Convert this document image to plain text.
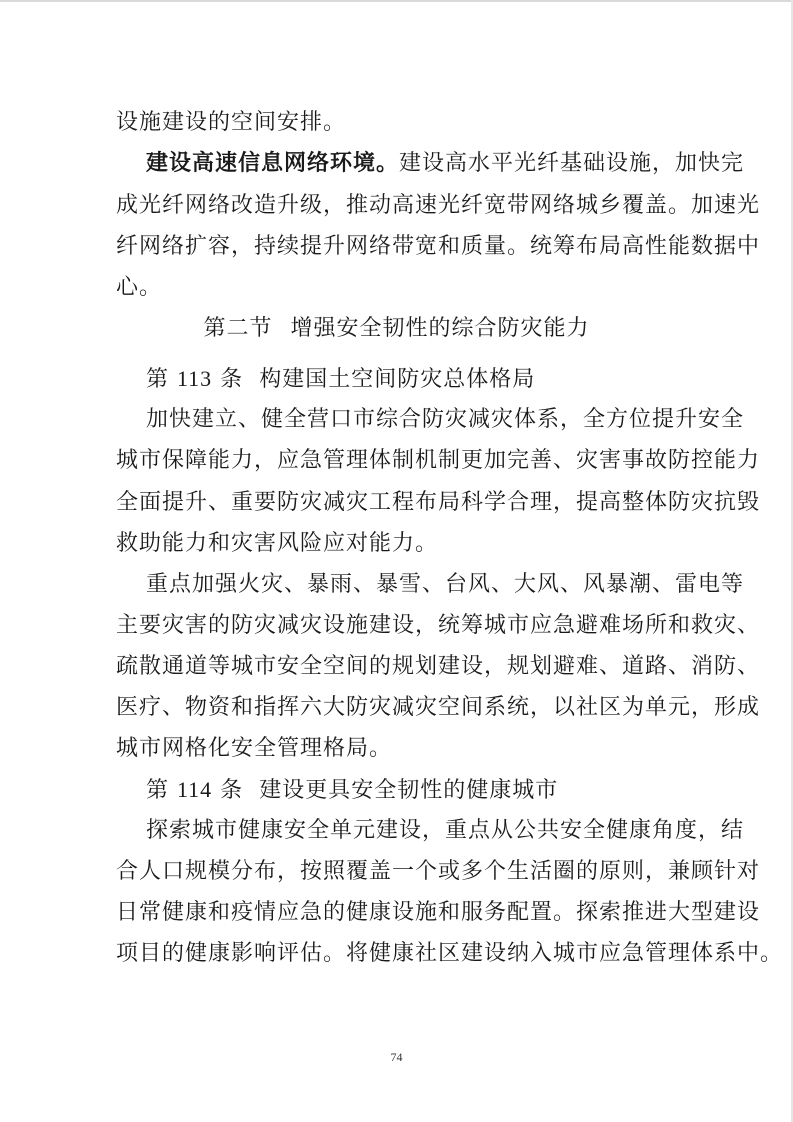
设施建设的空间安排。
建设高速信息网络环境。建设高水平光纤基础设施，加快完
成光纤网络改造升级，推动高速光纤宽带网络城乡覆盖。加速光
纤网络扩容，持续提升网络带宽和质量。统筹布局高性能数据中
心。
第二节 增强安全韧性的综合防灾能力
第 113 条 构建国土空间防灾总体格局
加快建立、健全营口市综合防灾减灾体系，全方位提升安全
城市保障能力，应急管理体制机制更加完善、灾害事故防控能力
全面提升、重要防灾减灾工程布局科学合理，提高整体防灾抗毁
救助能力和灾害风险应对能力。
重点加强火灾、暴雨、暴雪、台风、大风、风暴潮、雷电等
主要灾害的防灾减灾设施建设，统筹城市应急避难场所和救灾、
疏散通道等城市安全空间的规划建设，规划避难、道路、消防、
医疗、物资和指挥六大防灾减灾空间系统，以社区为单元，形成
城市网格化安全管理格局。
第 114 条 建设更具安全韧性的健康城市
探索城市健康安全单元建设，重点从公共安全健康角度，结
合人口规模分布，按照覆盖一个或多个生活圈的原则，兼顾针对
日常健康和疫情应急的健康设施和服务配置。探索推进大型建设
项目的健康影响评估。将健康社区建设纳入城市应急管理体系中。
74
